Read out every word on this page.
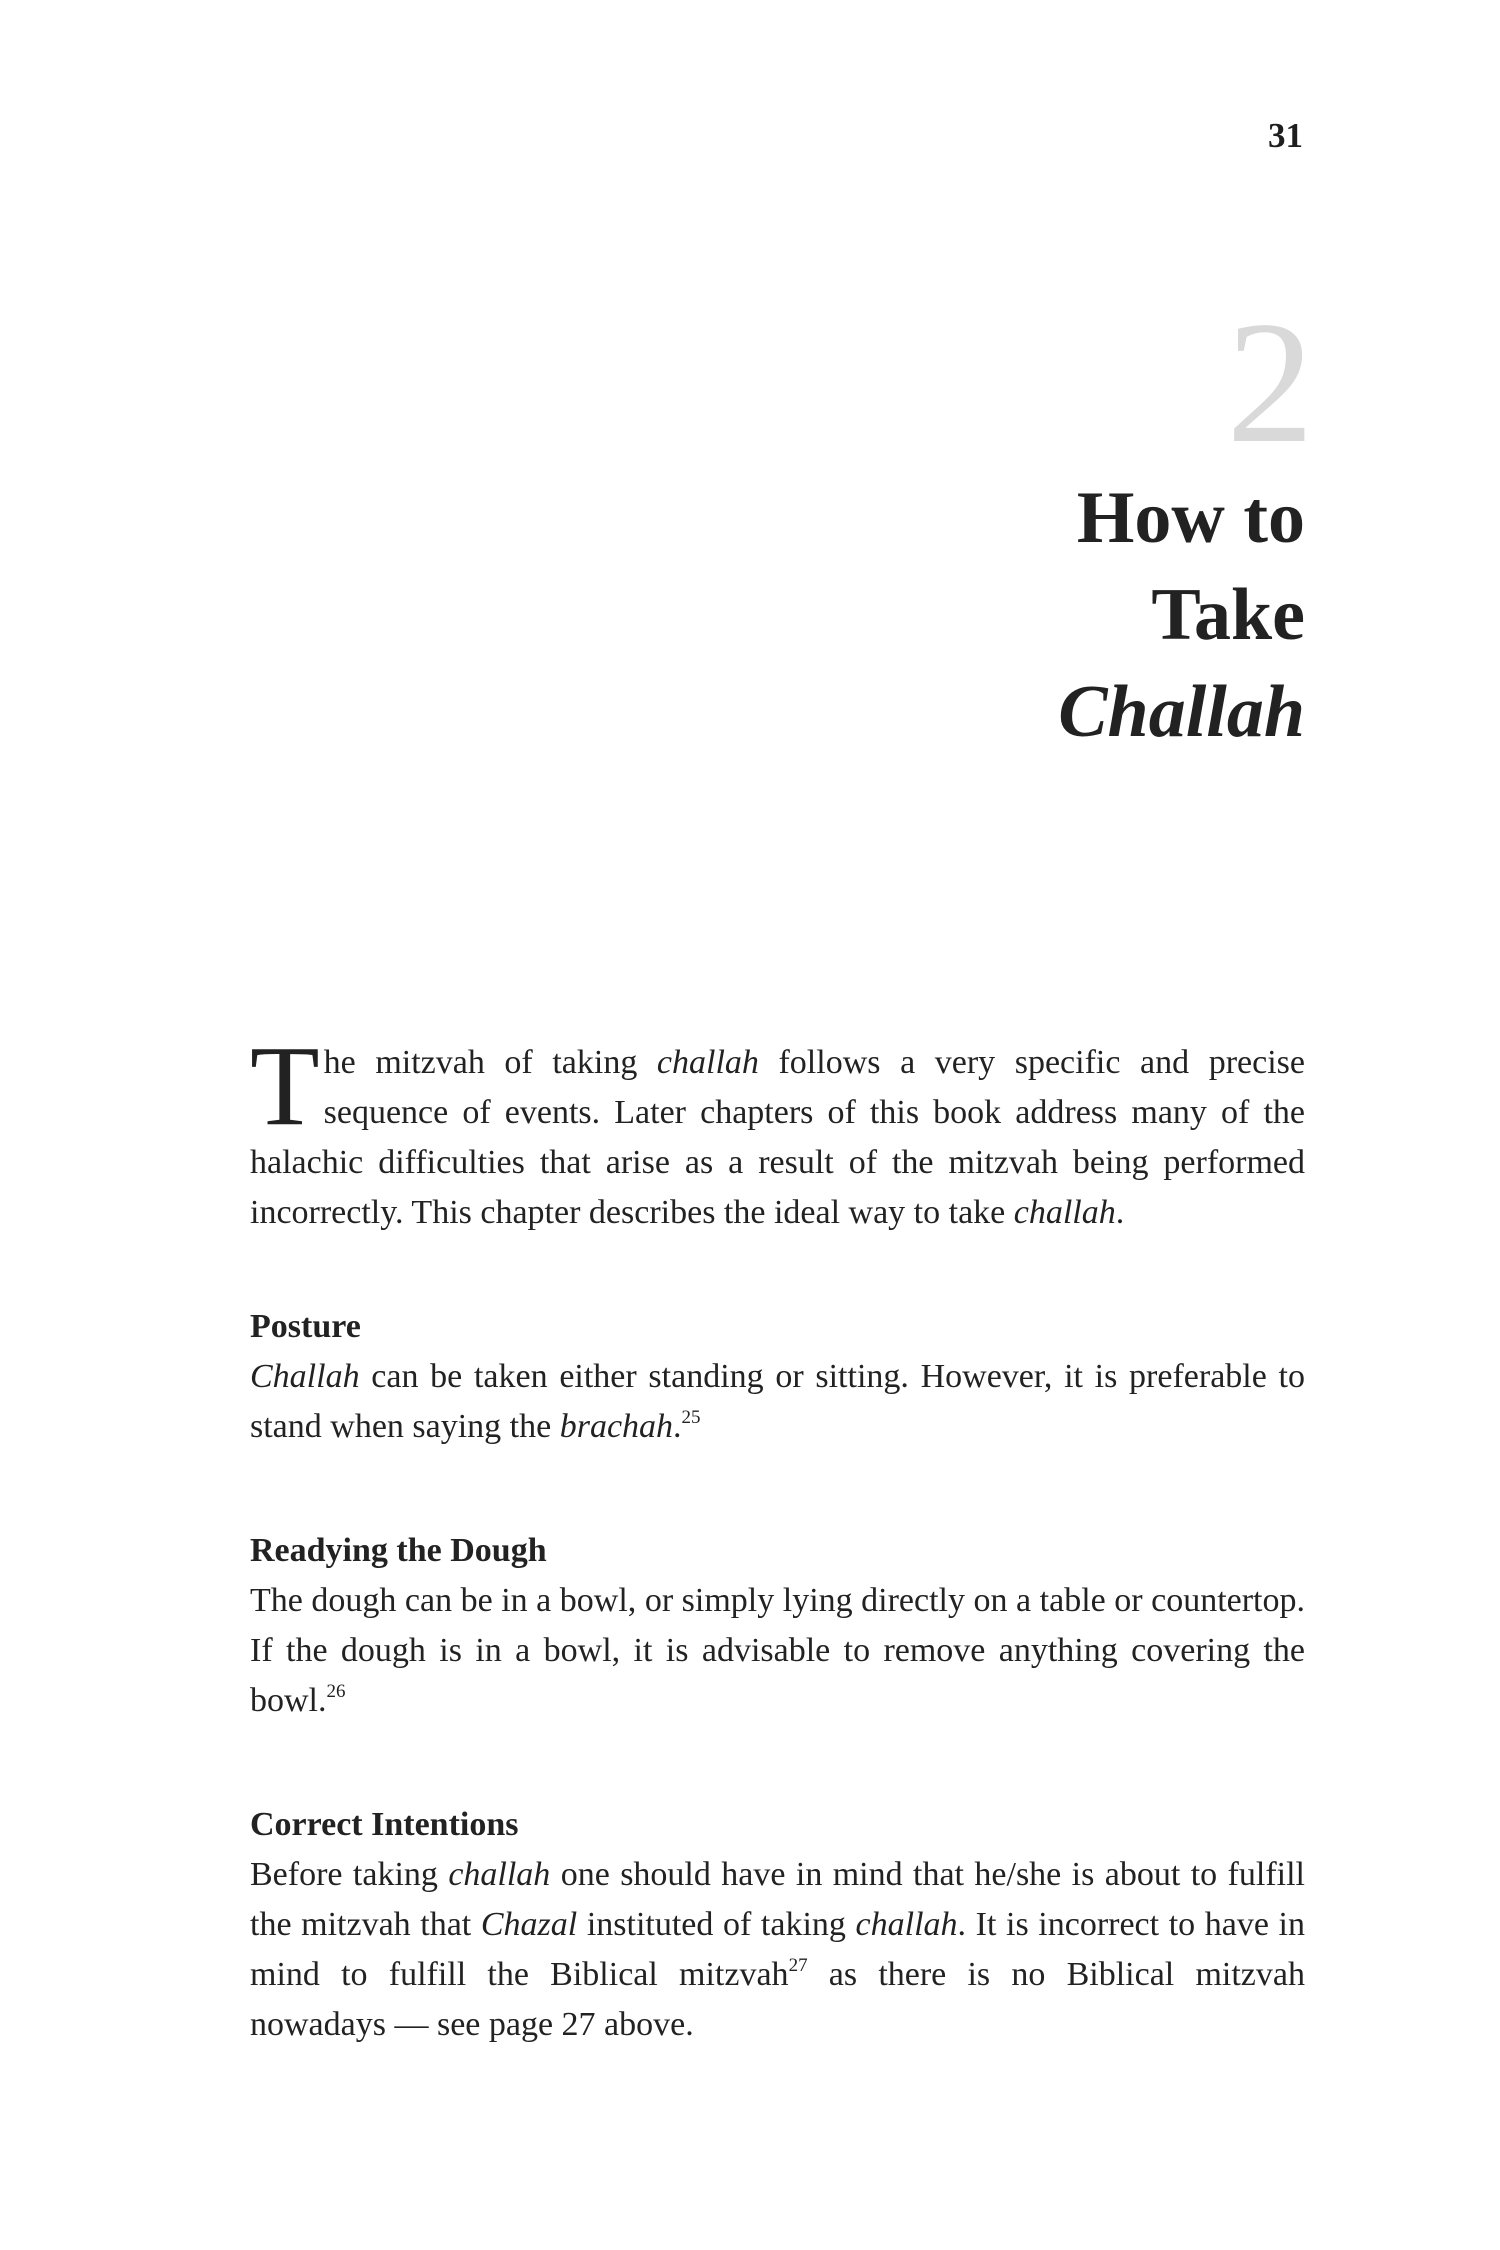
31
2
How to
Take
Challah
The mitzvah of taking challah follows a very specific and precise sequence of events. Later chapters of this book address many of the halachic difficulties that arise as a result of the mitzvah being performed incorrectly. This chapter describes the ideal way to take challah.
Posture
Challah can be taken either standing or sitting. However, it is preferable to stand when saying the brachah.$^{25}$
Readying the Dough
The dough can be in a bowl, or simply lying directly on a table or countertop. If the dough is in a bowl, it is advisable to remove anything covering the bowl.$^{26}$
Correct Intentions
Before taking challah one should have in mind that he/she is about to fulfill the mitzvah that Chazal instituted of taking challah. It is incorrect to have in mind to fulfill the Biblical mitzvah$^{27}$ as there is no Biblical mitzvah nowadays — see page 27 above.
